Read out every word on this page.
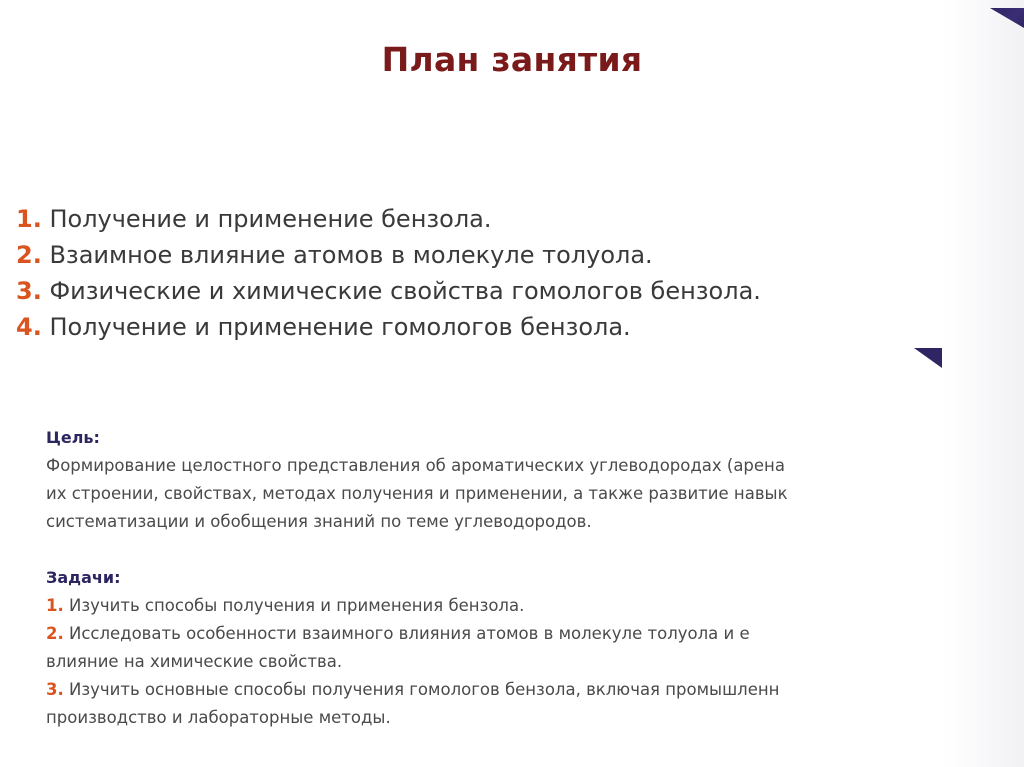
План занятия
1. Получение и применение бензола.
2. Взаимное влияние атомов в молекуле толуола.
3. Физические и химические свойства гомологов бензола.
4. Получение и применение гомологов бензола.

Цель:

Формирование целостного представления об ароматических углеводородах (арена

их строении, свойствах, методах получения и применении, а также развитие навык

систематизации и обобщения знаний по теме углеводородов.

Задачи:

1. Изучить способы получения и применения бензола.

2. Исследовать особенности взаимного влияния атомов в молекуле толуола и е

влияние на химические свойства.

3. Изучить основные способы получения гомологов бензола, включая промышленн

производство и лабораторные методы.
